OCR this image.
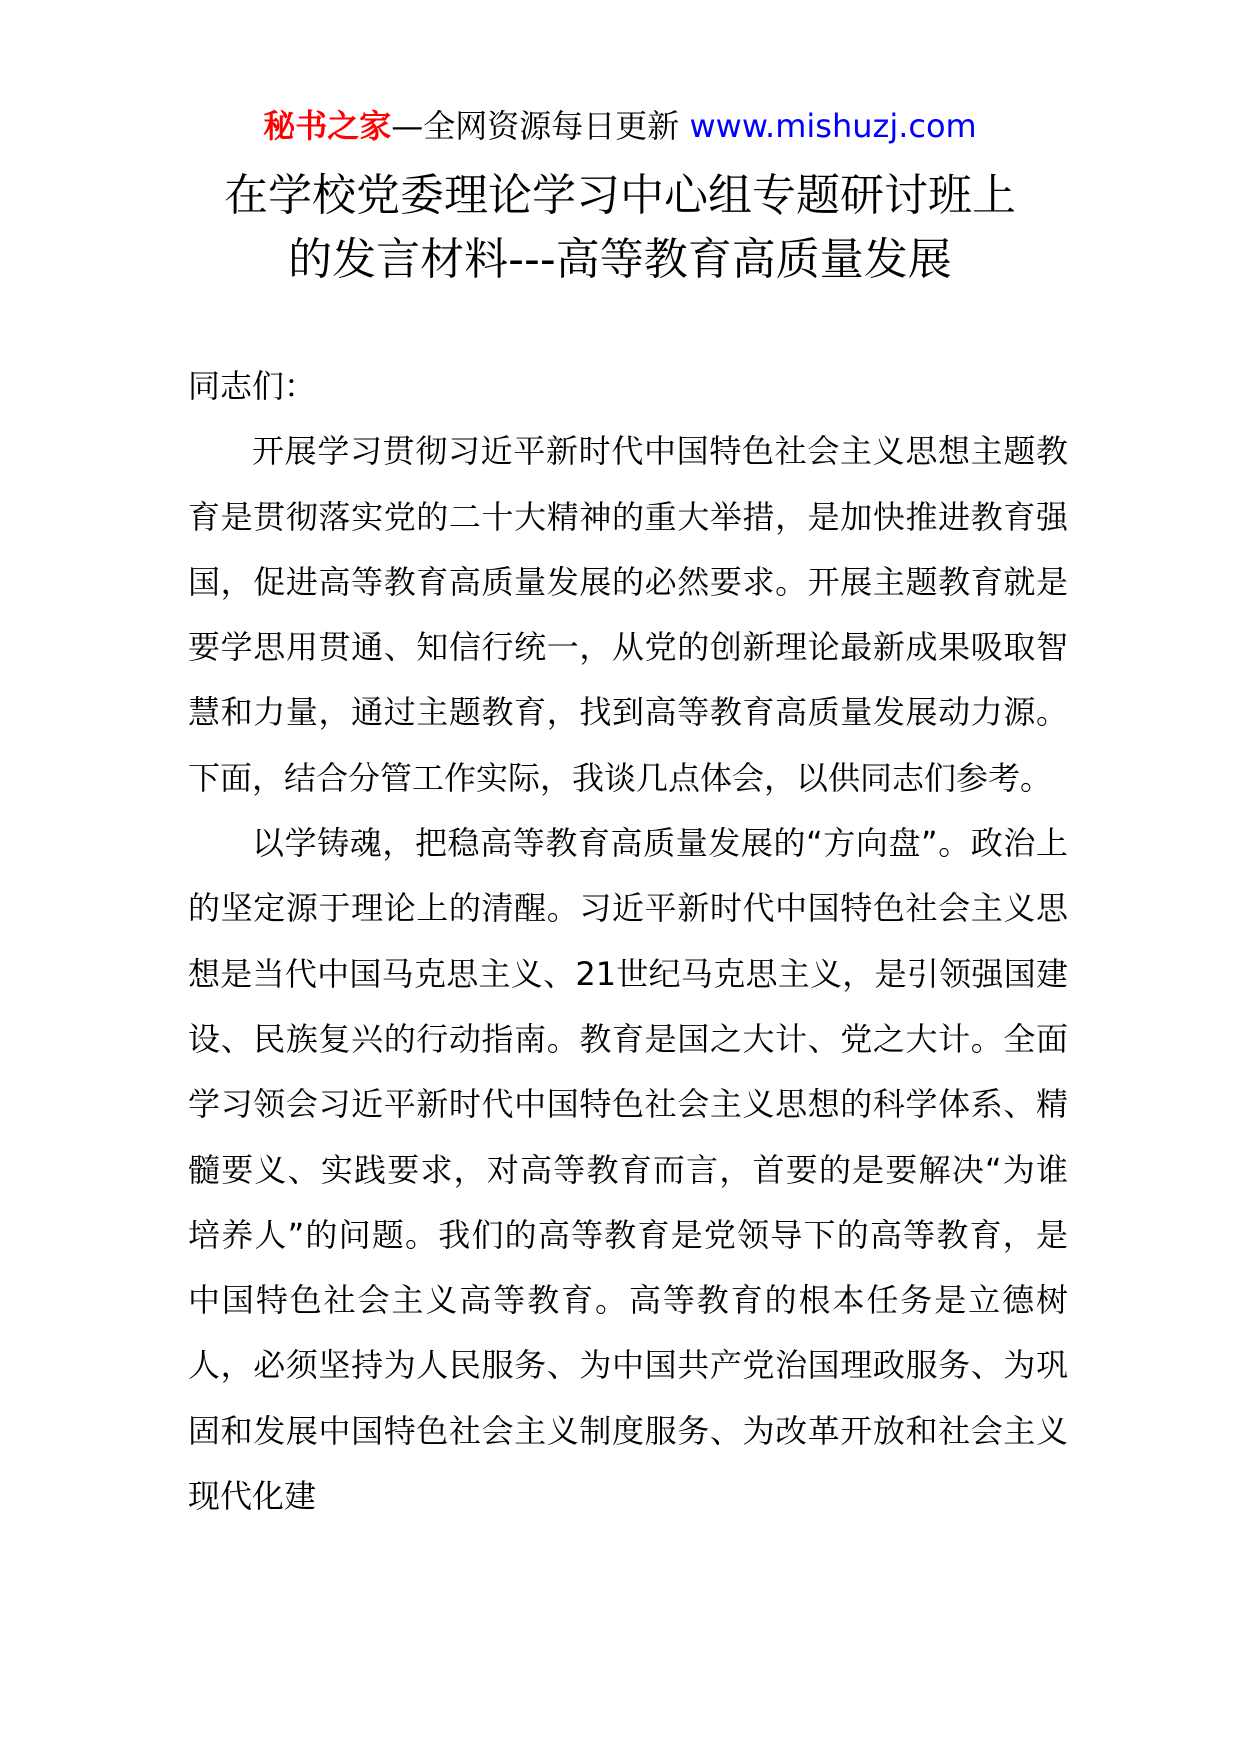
秘书之家—全网资源每日更新 www.mishuzj.com
在学校党委理论学习中心组专题研讨班上
的发言材料---高等教育高质量发展

同志们：

开展学习贯彻习近平新时代中国特色社会主义思想主题教育是贯彻落实党的二十大精神的重大举措，是加快推进教育强国，促进高等教育高质量发展的必然要求。开展主题教育就是要学思用贯通、知信行统一，从党的创新理论最新成果吸取智慧和力量，通过主题教育，找到高等教育高质量发展动力源。下面，结合分管工作实际，我谈几点体会，以供同志们参考。

以学铸魂，把稳高等教育高质量发展的“方向盘”。政治上的坚定源于理论上的清醒。习近平新时代中国特色社会主义思想是当代中国马克思主义、21世纪马克思主义，是引领强国建设、民族复兴的行动指南。教育是国之大计、党之大计。全面学习领会习近平新时代中国特色社会主义思想的科学体系、精髓要义、实践要求，对高等教育而言，首要的是要解决“为谁培养人”的问题。我们的高等教育是党领导下的高等教育，是中国特色社会主义高等教育。高等教育的根本任务是立德树人，必须坚持为人民服务、为中国共产党治国理政服务、为巩固和发展中国特色社会主义制度服务、为改革开放和社会主义现代化建
